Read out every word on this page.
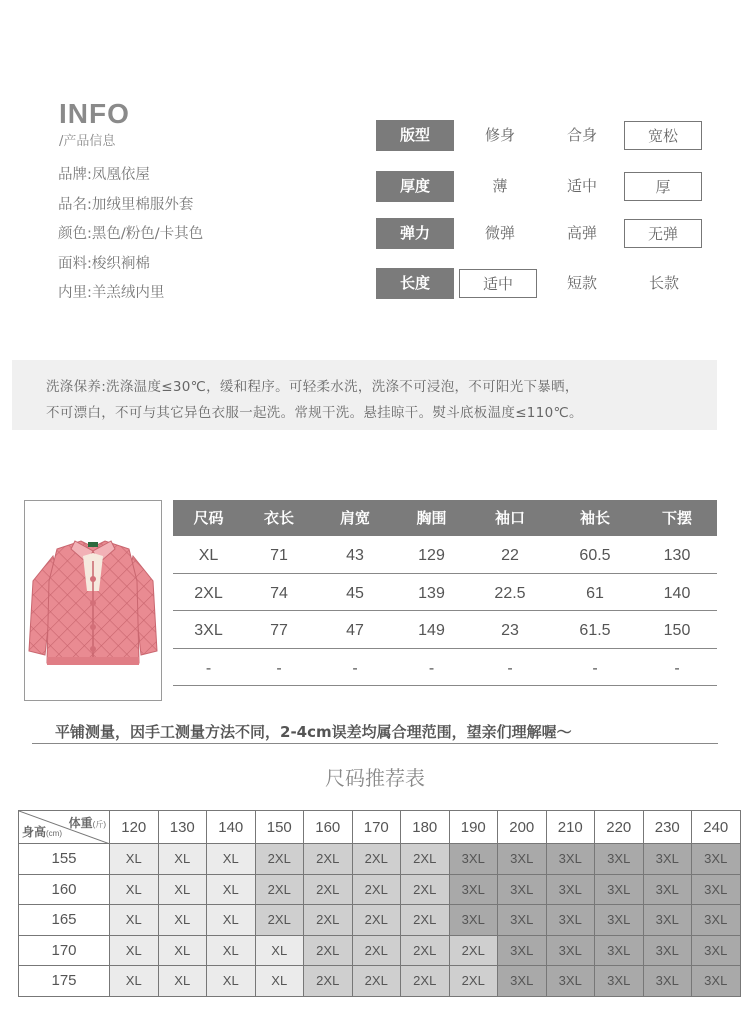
INFO
/产品信息
品牌:凤凰依屋
品名:加绒里棉服外套
颜色:黑色/粉色/卡其色
面料:梭织裥棉
内里:羊羔绒内里
版型	修身	合身	宽松
厚度	薄	适中	厚
弹力	微弹	高弹	无弹
长度	适中	短款	长款

洗涤保养:洗涤温度≤30℃，缓和程序。可轻柔水洗，洗涤不可浸泡，不可阳光下暴晒，

不可漂白，不可与其它异色衣服一起洗。常规干洗。悬挂晾干。熨斗底板温度≤110℃。

尺码	衣长	肩宽	胸围	袖口	袖长	下摆
XL	71	43	129	22	60.5	130
2XL	74	45	139	22.5	61	140
3XL	77	47	149	23	61.5	150
-	-	-	-	-	-	-
平铺测量，因手工测量方法不同，2-4cm误差均属合理范围，望亲们理解喔～
尺码推荐表
体重(斤)
身高(cm)	120	130	140	150	160	170	180	190	200	210	220	230	240
155	XL	XL	XL	2XL	2XL	2XL	2XL	3XL	3XL	3XL	3XL	3XL	3XL
160	XL	XL	XL	2XL	2XL	2XL	2XL	3XL	3XL	3XL	3XL	3XL	3XL
165	XL	XL	XL	2XL	2XL	2XL	2XL	3XL	3XL	3XL	3XL	3XL	3XL
170	XL	XL	XL	XL	2XL	2XL	2XL	2XL	3XL	3XL	3XL	3XL	3XL
175	XL	XL	XL	XL	2XL	2XL	2XL	2XL	3XL	3XL	3XL	3XL	3XL
